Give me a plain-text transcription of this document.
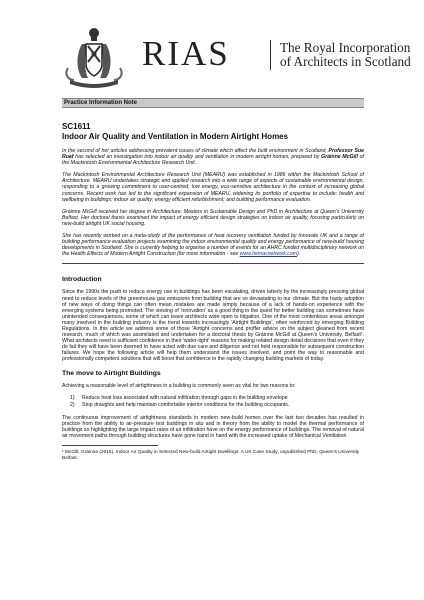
RIAS	The Royal Incorporation
of Architects in Scotland
Practice Information Note
SC1611
Indoor Air Quality and Ventilation in Modern Airtight Homes

In the second of her articles addressing prevalent issues of climate which affect the built environment in Scotland, Professor Sue Roaf has selected an investigation into indoor air quality and ventilation in modern airtight homes, prepared by Gráinne McGill of the Mackintosh Environmental Architecture Research Unit.

The Mackintosh Environmental Architecture Research Unit (MEARU) was established in 1986 within the Mackintosh School of Architecture. MEARU undertakes strategic and applied research into a wide range of aspects of sustainable environmental design, responding to a growing commitment to user-centred, low energy, eco-sensitive architecture in the context of increasing global concerns. Recent work has led to the significant expansion of MEARU, widening its portfolio of expertise to include: health and wellbeing in buildings; indoor air quality; energy efficient refurbishment; and building performance evaluation.

Gráinne McGill received her degree in Architecture, Masters in Sustainable Design and PhD in Architecture at Queen's University Belfast. Her doctoral thesis examined the impact of energy efficient design strategies on indoor air quality, focusing particularly on new-build airtight UK social housing.

She has recently worked on a meta-study of the performance of heat recovery ventilation funded by Innovate UK and a range of building performance evaluation projects examining the indoor environmental quality and energy performance of new-build housing developments in Scotland. She is currently helping to organise a number of events for an AHRC funded multidisciplinary network on the Health Effects of Modern Airtight Construction (for more information - see www.hemacnetwork.com).

Introduction

Since the 1990s the push to reduce energy use in buildings has been escalating, driven latterly by the increasingly pressing global need to reduce levels of the greenhouse gas emissions from building that are so devastating to our climate. But the hasty adoption of new ways of doing things can often mean mistakes are made simply because of a lack of hands-on experience with the emerging systems being promoted. The viewing of 'innovation' as a good thing in the quest for better building can sometimes have unintended consequences, some of which can leave architects wide open to litigation. One of the most contentious areas amongst many involved in the building industry is the trend towards increasingly 'Airtight Buildings', often reinforced by emerging Building Regulations. In this article we address some of those 'Airtight concerns and proffer advice on the subject gleaned from recent research, much of which was assimilated and undertaken for a doctoral thesis by Gráinne McGill at Queen's University, Belfast¹. What architects need is sufficient confidence in their 'water-tight' reasons for making related design detail decisions that even if they do fail they will have been deemed to have acted with due care and diligence and not held responsible for subsequent construction failures. We hope the following article will help them understand the issues involved, and point the way to reasonable and professionally competent solutions that will boost that confidence in the rapidly changing building markets of today.

The move to Airtight Buildings

Achieving a reasonable level of airtightness in a building is commonly seen as vital for two reasons to:

1)	Reduce heat loss associated with natural infiltration through gaps in the building envelope
2)	Stop draughts and help maintain comfortable interior conditions for the building occupants.

The continuous improvement of airtightness standards in modern new-build homes over the last two decades has resulted in practice from the ability to air-pressure test buildings in situ and in theory from the ability to model the thermal performance of buildings so highlighting the large impact rates of air infiltration have on the energy performance of buildings. The removal of natural air movement paths through building structures have gone hand in hand with the increased uptake of Mechanical Ventilation

¹ McGill, Gráinne (2016). Indoor Air Quality in Selected New-build Airtight Dwellings: A UK Case Study, unpublished PhD, Queen's University Belfast.
